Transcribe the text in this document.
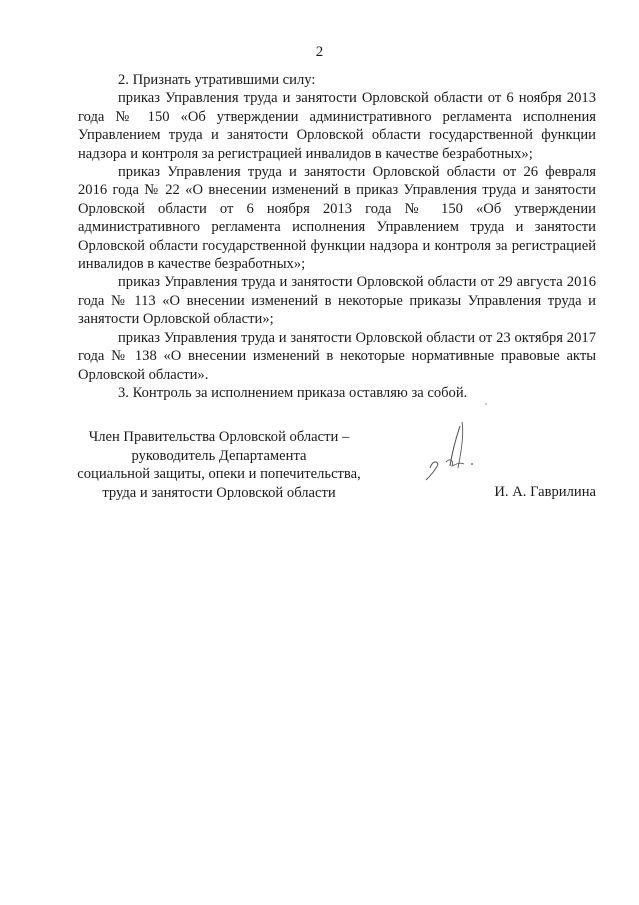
2

2. Признать утратившими силу:

приказ Управления труда и занятости Орловской области от 6 ноября 2013 года № 150 «Об утверждении административного регламента исполнения Управлением труда и занятости Орловской области государственной функции надзора и контроля за регистрацией инвалидов в качестве безработных»;

приказ Управления труда и занятости Орловской области от 26 февраля 2016 года № 22 «О внесении изменений в приказ Управления труда и занятости Орловской области от 6 ноября 2013 года № 150 «Об утверждении административного регламента исполнения Управлением труда и занятости Орловской области государственной функции надзора и контроля за регистрацией инвалидов в качестве безработных»;

приказ Управления труда и занятости Орловской области от 29 августа 2016 года № 113 «О внесении изменений в некоторые приказы Управления труда и занятости Орловской области»;

приказ Управления труда и занятости Орловской области от 23 октября 2017 года № 138 «О внесении изменений в некоторые нормативные правовые акты Орловской области».

3. Контроль за исполнением приказа оставляю за собой.

Член Правительства Орловской области –
руководитель Департамента
социальной защиты, опеки и попечительства,
труда и занятости Орловской области	И. А. Гаврилина
